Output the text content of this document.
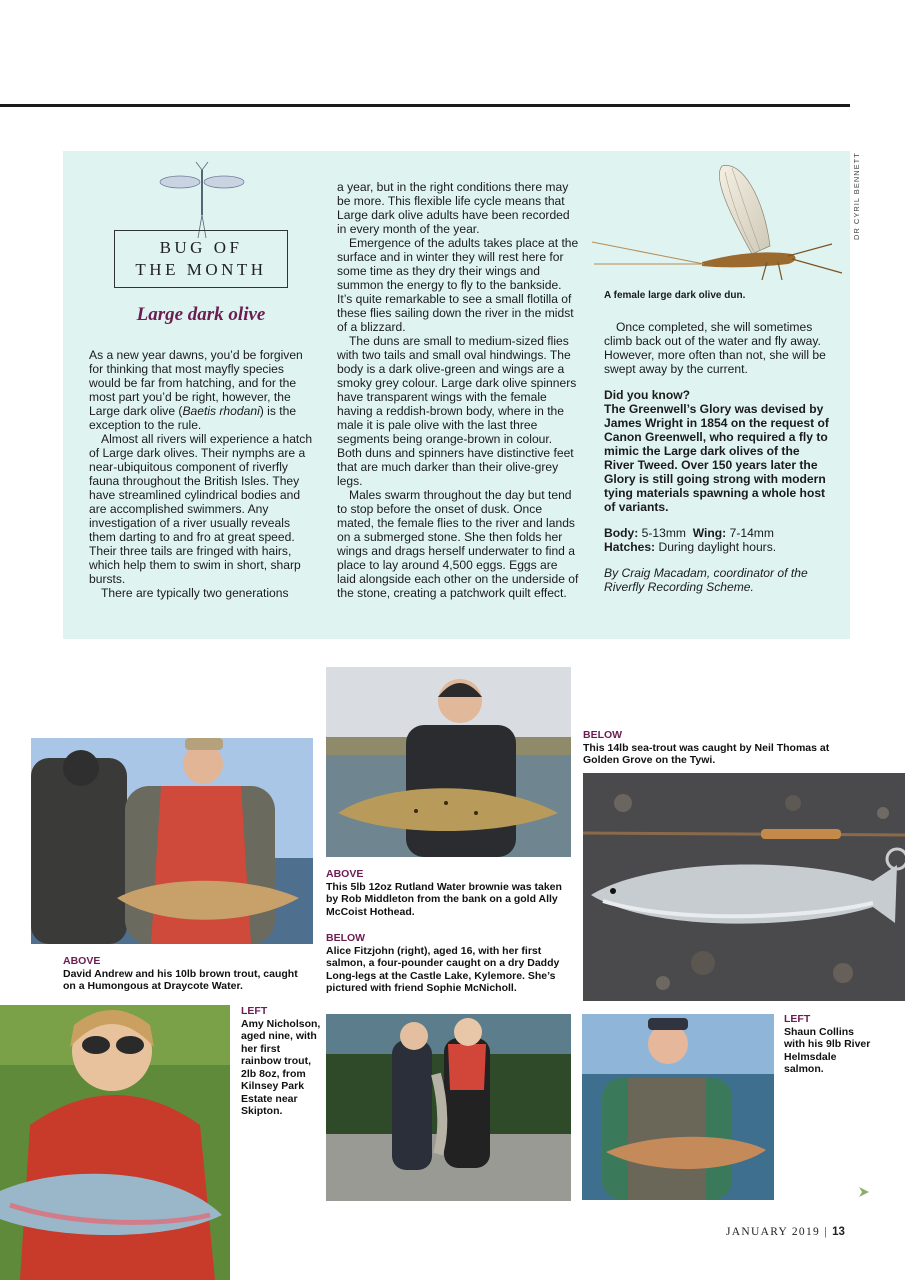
DR CYRIL BENNETT
BUG OF
THE MONTH
Large dark olive

As a new year dawns, you’d be forgiven for thinking that most mayfly species would be far from hatching, and for the most part you’d be right, however, the Large dark olive (Baetis rhodani) is the exception to the rule.

Almost all rivers will experience a hatch of Large dark olives. Their nymphs are a near-ubiquitous component of riverfly fauna throughout the British Isles. They have streamlined cylindrical bodies and are accomplished swimmers. Any investigation of a river usually reveals them darting to and fro at great speed. Their three tails are fringed with hairs, which help them to swim in short, sharp bursts.

There are typically two generations

a year, but in the right conditions there may be more. This flexible life cycle means that Large dark olive adults have been recorded in every month of the year.

Emergence of the adults takes place at the surface and in winter they will rest here for some time as they dry their wings and summon the energy to fly to the bankside. It’s quite remarkable to see a small flotilla of these flies sailing down the river in the midst of a blizzard.

The duns are small to medium-sized flies with two tails and small oval hindwings. The body is a dark olive-green and wings are a smoky grey colour. Large dark olive spinners have transparent wings with the female having a reddish-brown body, where in the male it is pale olive with the last three segments being orange-brown in colour. Both duns and spinners have distinctive feet that are much darker than their olive-grey legs.

Males swarm throughout the day but tend to stop before the onset of dusk. Once mated, the female flies to the river and lands on a submerged stone. She then folds her wings and drags herself underwater to find a place to lay around 4,500 eggs. Eggs are laid alongside each other on the underside of the stone, creating a patchwork quilt effect.

A female large dark olive dun.

Once completed, she will sometimes climb back out of the water and fly away. However, more often than not, she will be swept away by the current.

Did you know?

The Greenwell’s Glory was devised by James Wright in 1854 on the request of Canon Greenwell, who required a fly to mimic the Large dark olives of the River Tweed. Over 150 years later the Glory is still going strong with modern tying materials spawning a whole host of variants.

Body: 5-13mm Wing: 7-14mm

Hatches: During daylight hours.

By Craig Macadam, coordinator of the Riverfly Recording Scheme.

ABOVE
This 5lb 12oz Rutland Water brownie was taken by Rob Middleton from the bank on a gold Ally McCoist Hothead.
BELOW
Alice Fitzjohn (right), aged 16, with her first salmon, a four-pounder caught on a dry Daddy Long-legs at the Castle Lake, Kylemore. She’s pictured with friend Sophie McNicholl.
BELOW
This 14lb sea-trout was caught by Neil Thomas at Golden Grove on the Tywi.
ABOVE
David Andrew and his 10lb brown trout, caught on a Humongous at Draycote Water.
LEFT
Amy Nicholson, aged nine, with her first rainbow trout, 2lb 8oz, from Kilnsey Park Estate near Skipton.
LEFT
Shaun Collins with his 9lb River Helmsdale salmon.
JANUARY 2019 | 13
